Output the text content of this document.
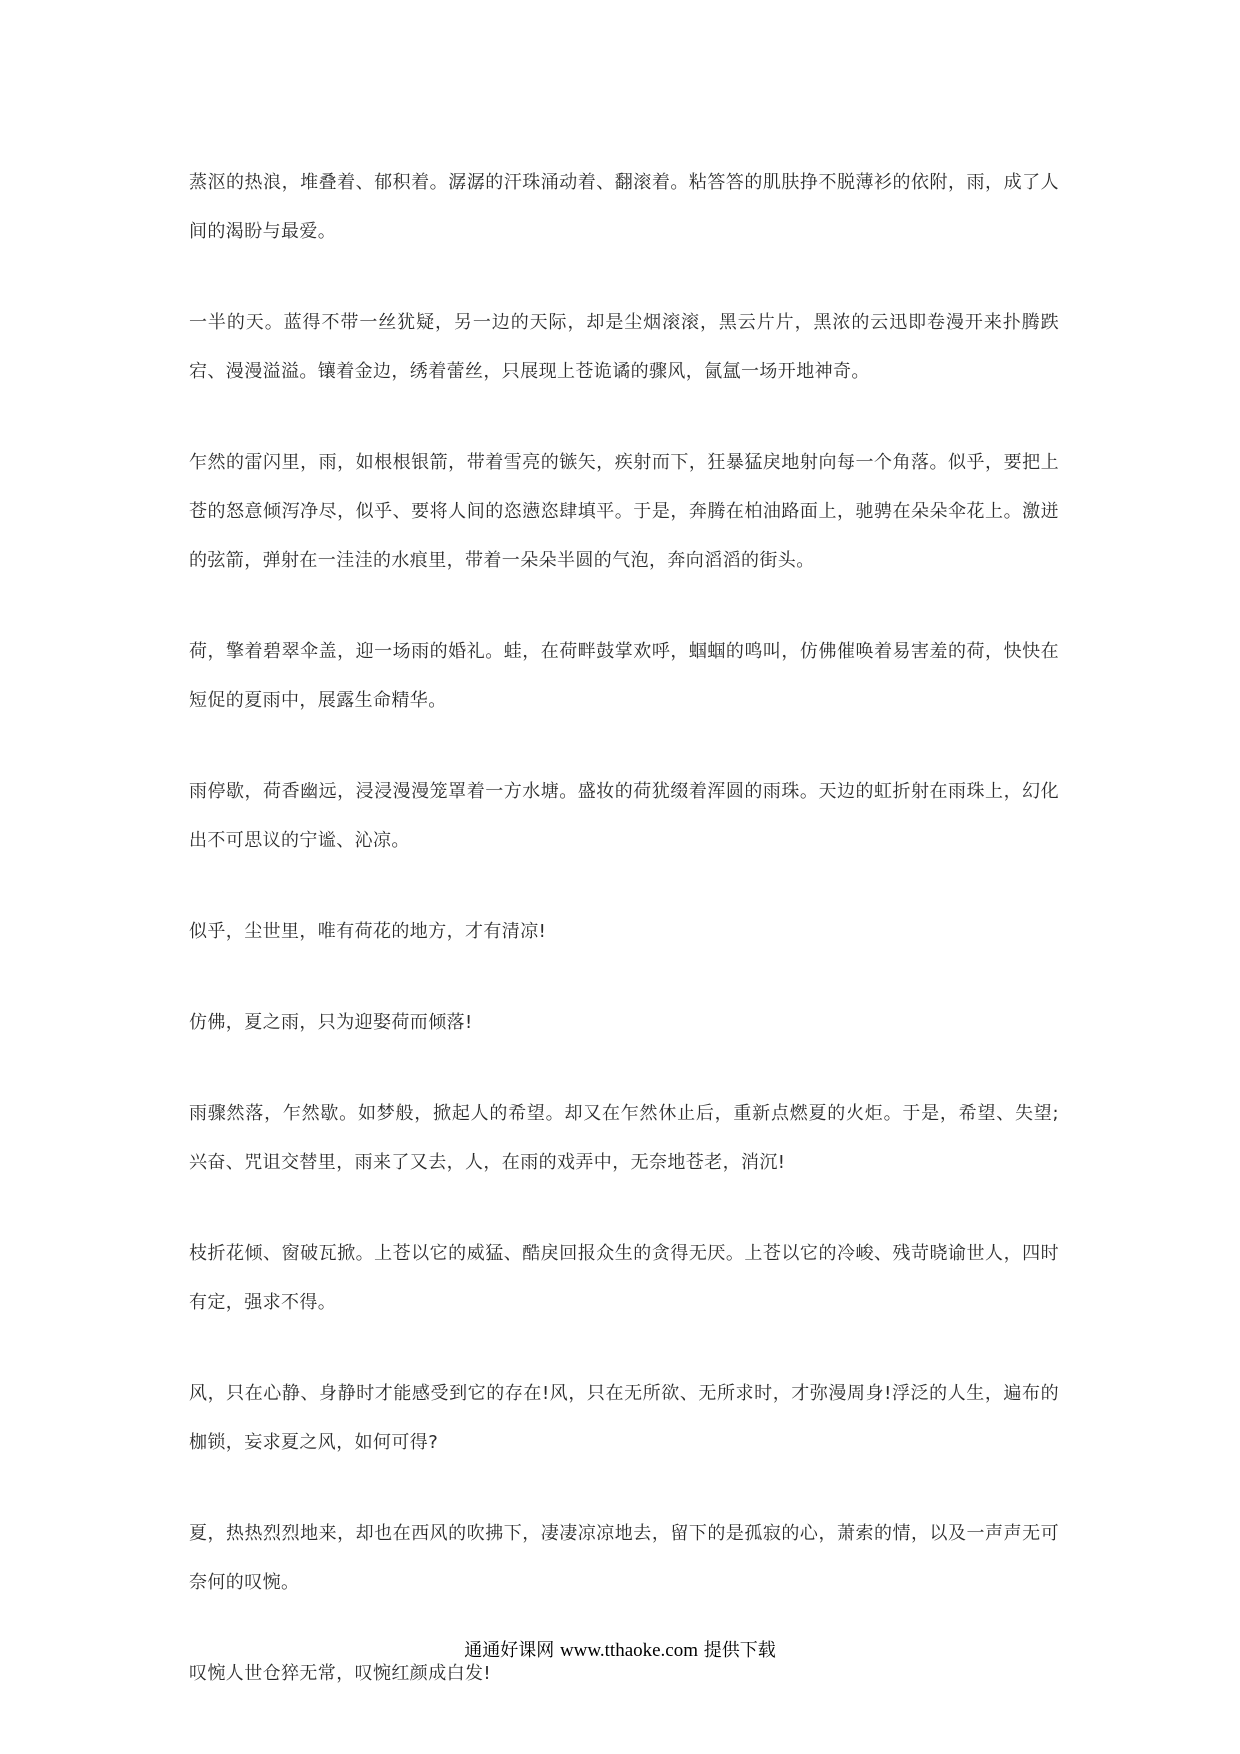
蒸沤的热浪，堆叠着、郁积着。潺潺的汗珠涌动着、翻滚着。粘答答的肌肤挣不脱薄衫的依附，雨，成了人间的渴盼与最爱。

一半的天。蓝得不带一丝犹疑，另一边的天际，却是尘烟滚滚，黑云片片，黑浓的云迅即卷漫开来扑腾跌宕、漫漫溢溢。镶着金边，绣着蕾丝，只展现上苍诡谲的骤风，氤氲一场开地神奇。

乍然的雷闪里，雨，如根根银箭，带着雪亮的镞矢，疾射而下，狂暴猛戾地射向每一个角落。似乎，要把上苍的怒意倾泻净尽，似乎、要将人间的恣懑恣肆填平。于是，奔腾在柏油路面上，驰骋在朵朵伞花上。激迸的弦箭，弹射在一洼洼的水痕里，带着一朵朵半圆的气泡，奔向滔滔的街头。

荷，擎着碧翠伞盖，迎一场雨的婚礼。蛙，在荷畔鼓掌欢呼，蝈蝈的鸣叫，仿佛催唤着易害羞的荷，快快在短促的夏雨中，展露生命精华。

雨停歇，荷香幽远，浸浸漫漫笼罩着一方水塘。盛妆的荷犹缀着浑圆的雨珠。天边的虹折射在雨珠上，幻化出不可思议的宁谧、沁凉。

似乎，尘世里，唯有荷花的地方，才有清凉!

仿佛，夏之雨，只为迎娶荷而倾落!

雨骤然落，乍然歇。如梦般，掀起人的希望。却又在乍然休止后，重新点燃夏的火炬。于是，希望、失望;兴奋、咒诅交替里，雨来了又去，人，在雨的戏弄中，无奈地苍老，消沉!

枝折花倾、窗破瓦掀。上苍以它的威猛、酷戾回报众生的贪得无厌。上苍以它的冷峻、残苛晓谕世人，四时有定，强求不得。

风，只在心静、身静时才能感受到它的存在!风，只在无所欲、无所求时，才弥漫周身!浮泛的人生，遍布的枷锁，妄求夏之风，如何可得?

夏，热热烈烈地来，却也在西风的吹拂下，凄凄凉凉地去，留下的是孤寂的心，萧索的情，以及一声声无可奈何的叹惋。

叹惋人世仓猝无常，叹惋红颜成白发!

通通好课网 www.tthaoke.com 提供下载
